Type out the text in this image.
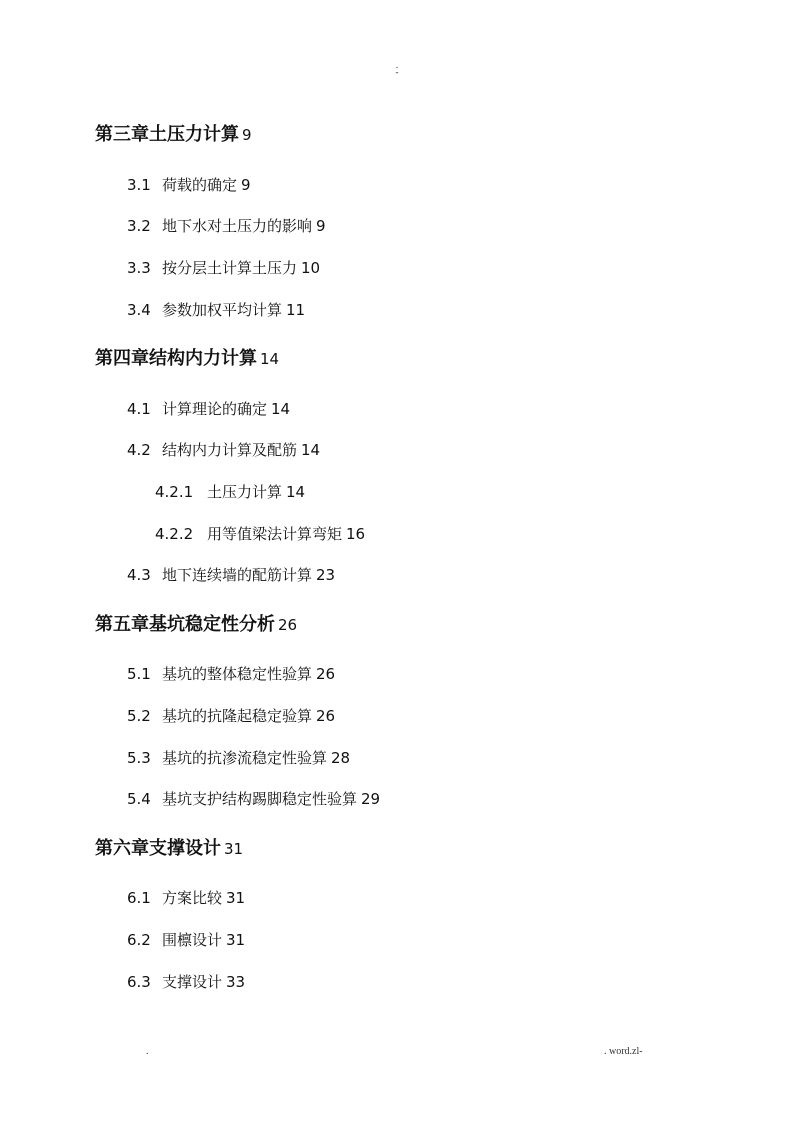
.
-
第三章土压力计算 9
3.1 荷载的确定 9
3.2 地下水对土压力的影响 9
3.3 按分层土计算土压力 10
3.4 参数加权平均计算 11
第四章结构内力计算 14
4.1 计算理论的确定 14
4.2 结构内力计算及配筋 14
4.2.1 土压力计算 14
4.2.2 用等值梁法计算弯矩 16
4.3 地下连续墙的配筋计算 23
第五章基坑稳定性分析 26
5.1 基坑的整体稳定性验算 26
5.2 基坑的抗隆起稳定验算 26
5.3 基坑的抗渗流稳定性验算 28
5.4 基坑支护结构踢脚稳定性验算 29
第六章支撑设计 31
6.1 方案比较 31
6.2 围檩设计 31
6.3 支撑设计 33
.	. word.zl-
